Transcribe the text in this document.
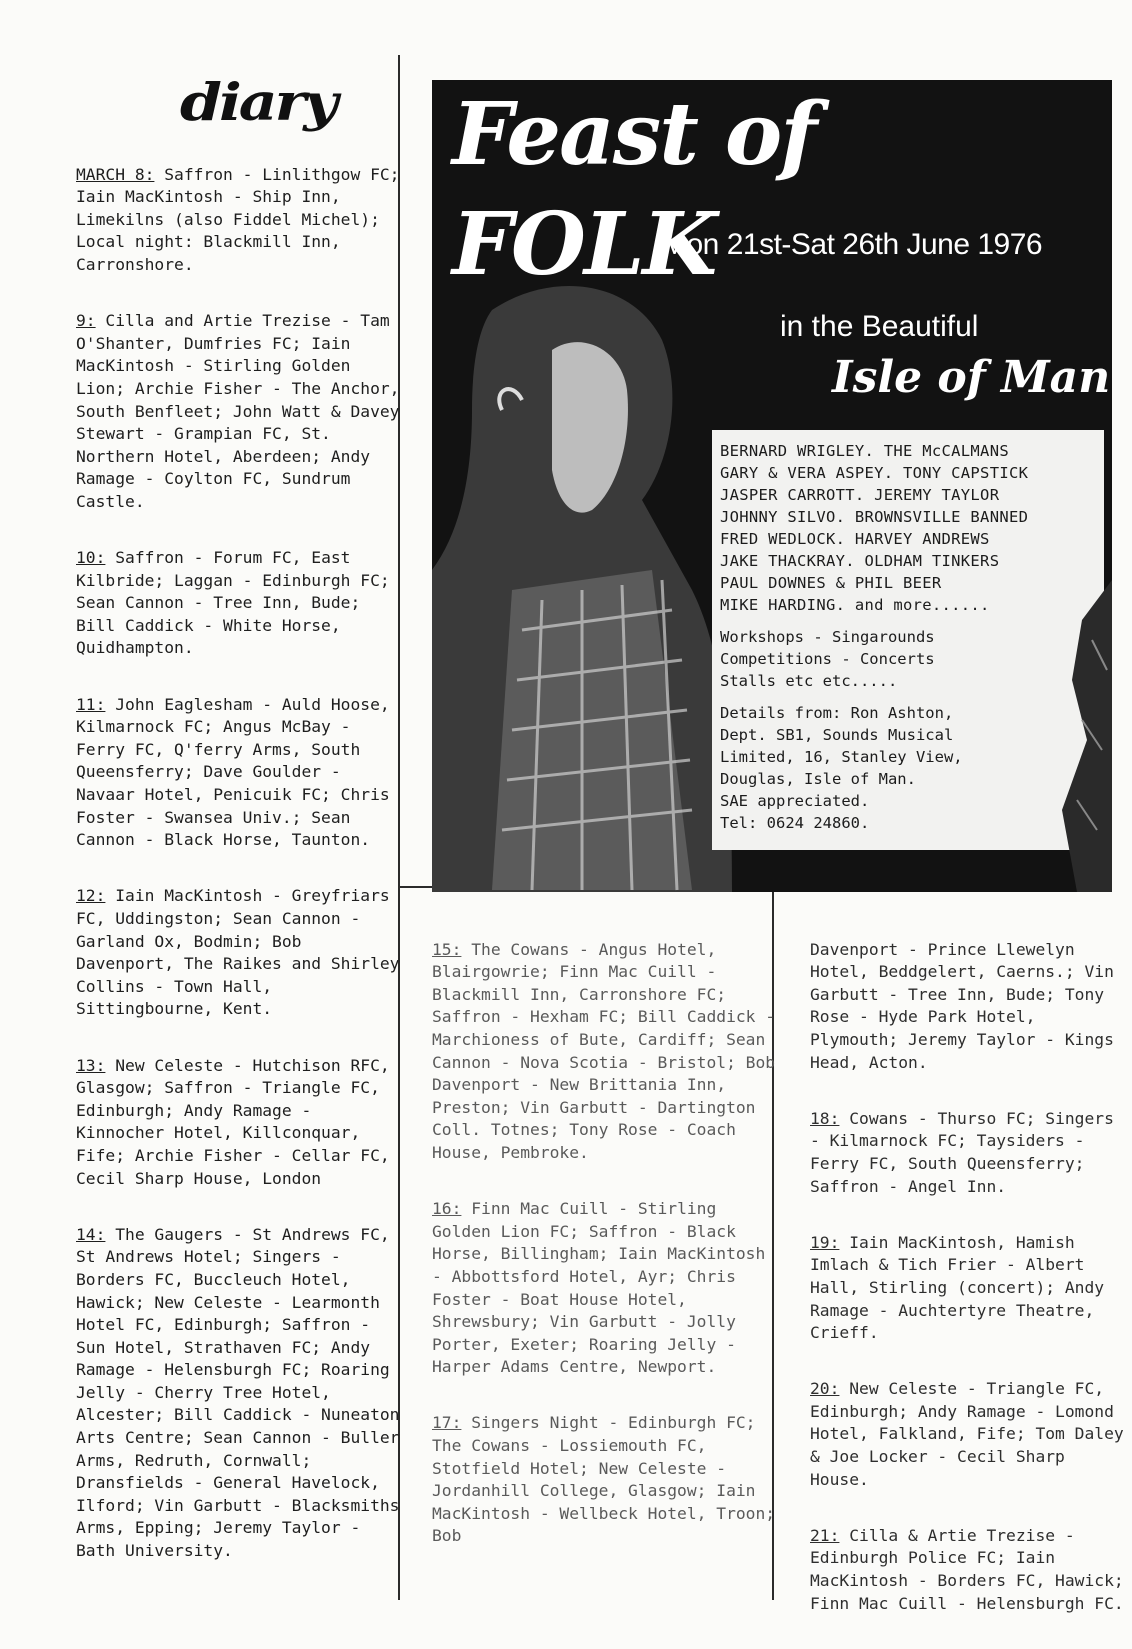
diary

MARCH 8: Saffron - Linlithgow FC; Iain MacKintosh - Ship Inn, Limekilns (also Fiddel Michel); Local night: Blackmill Inn, Carronshore.

9: Cilla and Artie Trezise - Tam O'Shanter, Dumfries FC; Iain MacKintosh - Stirling Golden Lion; Archie Fisher - The Anchor, South Benfleet; John Watt & Davey Stewart - Grampian FC, St. Northern Hotel, Aberdeen; Andy Ramage - Coylton FC, Sundrum Castle.

10: Saffron - Forum FC, East Kilbride; Laggan - Edinburgh FC; Sean Cannon - Tree Inn, Bude; Bill Caddick - White Horse, Quidhampton.

11: John Eaglesham - Auld Hoose, Kilmarnock FC; Angus McBay - Ferry FC, Q'ferry Arms, South Queensferry; Dave Goulder - Navaar Hotel, Penicuik FC; Chris Foster - Swansea Univ.; Sean Cannon - Black Horse, Taunton.

12: Iain MacKintosh - Greyfriars FC, Uddingston; Sean Cannon - Garland Ox, Bodmin; Bob Davenport, The Raikes and Shirley Collins - Town Hall, Sittingbourne, Kent.

13: New Celeste - Hutchison RFC, Glasgow; Saffron - Triangle FC, Edinburgh; Andy Ramage - Kinnocher Hotel, Killconquar, Fife; Archie Fisher - Cellar FC, Cecil Sharp House, London

14: The Gaugers - St Andrews FC, St Andrews Hotel; Singers - Borders FC, Buccleuch Hotel, Hawick; New Celeste - Learmonth Hotel FC, Edinburgh; Saffron - Sun Hotel, Strathaven FC; Andy Ramage - Helensburgh FC; Roaring Jelly - Cherry Tree Hotel, Alcester; Bill Caddick - Nuneaton Arts Centre; Sean Cannon - Buller Arms, Redruth, Cornwall; Dransfields - General Havelock, Ilford; Vin Garbutt - Blacksmiths Arms, Epping; Jeremy Taylor - Bath University.

15: The Cowans - Angus Hotel, Blairgowrie; Finn Mac Cuill - Blackmill Inn, Carronshore FC; Saffron - Hexham FC; Bill Caddick - Marchioness of Bute, Cardiff; Sean Cannon - Nova Scotia - Bristol; Bob Davenport - New Brittania Inn, Preston; Vin Garbutt - Dartington Coll. Totnes; Tony Rose - Coach House, Pembroke.

16: Finn Mac Cuill - Stirling Golden Lion FC; Saffron - Black Horse, Billingham; Iain MacKintosh - Abbottsford Hotel, Ayr; Chris Foster - Boat House Hotel, Shrewsbury; Vin Garbutt - Jolly Porter, Exeter; Roaring Jelly - Harper Adams Centre, Newport.

17: Singers Night - Edinburgh FC; The Cowans - Lossiemouth FC, Stotfield Hotel; New Celeste - Jordanhill College, Glasgow; Iain MacKintosh - Wellbeck Hotel, Troon; Bob

Davenport - Prince Llewelyn Hotel, Beddgelert, Caerns.; Vin Garbutt - Tree Inn, Bude; Tony Rose - Hyde Park Hotel, Plymouth; Jeremy Taylor - Kings Head, Acton.

18: Cowans - Thurso FC; Singers - Kilmarnock FC; Taysiders - Ferry FC, South Queensferry; Saffron - Angel Inn.

19: Iain MacKintosh, Hamish Imlach & Tich Frier - Albert Hall, Stirling (concert); Andy Ramage - Auchtertyre Theatre, Crieff.

20: New Celeste - Triangle FC, Edinburgh; Andy Ramage - Lomond Hotel, Falkland, Fife; Tom Daley & Joe Locker - Cecil Sharp House.

21: Cilla & Artie Trezise - Edinburgh Police FC; Iain MacKintosh - Borders FC, Hawick; Finn Mac Cuill - Helensburgh FC.

Feast of FOLK
Mon 21st-Sat 26th June 1976
in the Beautiful
Isle of Man

BERNARD WRIGLEY. THE McCALMANS
GARY & VERA ASPEY. TONY CAPSTICK
JASPER CARROTT. JEREMY TAYLOR
JOHNNY SILVO. BROWNSVILLE BANNED
FRED WEDLOCK. HARVEY ANDREWS
JAKE THACKRAY. OLDHAM TINKERS
PAUL DOWNES & PHIL BEER
MIKE HARDING. and more......

Workshops - Singarounds
Competitions - Concerts
Stalls etc etc.....

Details from: Ron Ashton,
Dept. SB1, Sounds Musical
Limited, 16, Stanley View,
Douglas, Isle of Man.
SAE appreciated.
Tel: 0624 24860.
